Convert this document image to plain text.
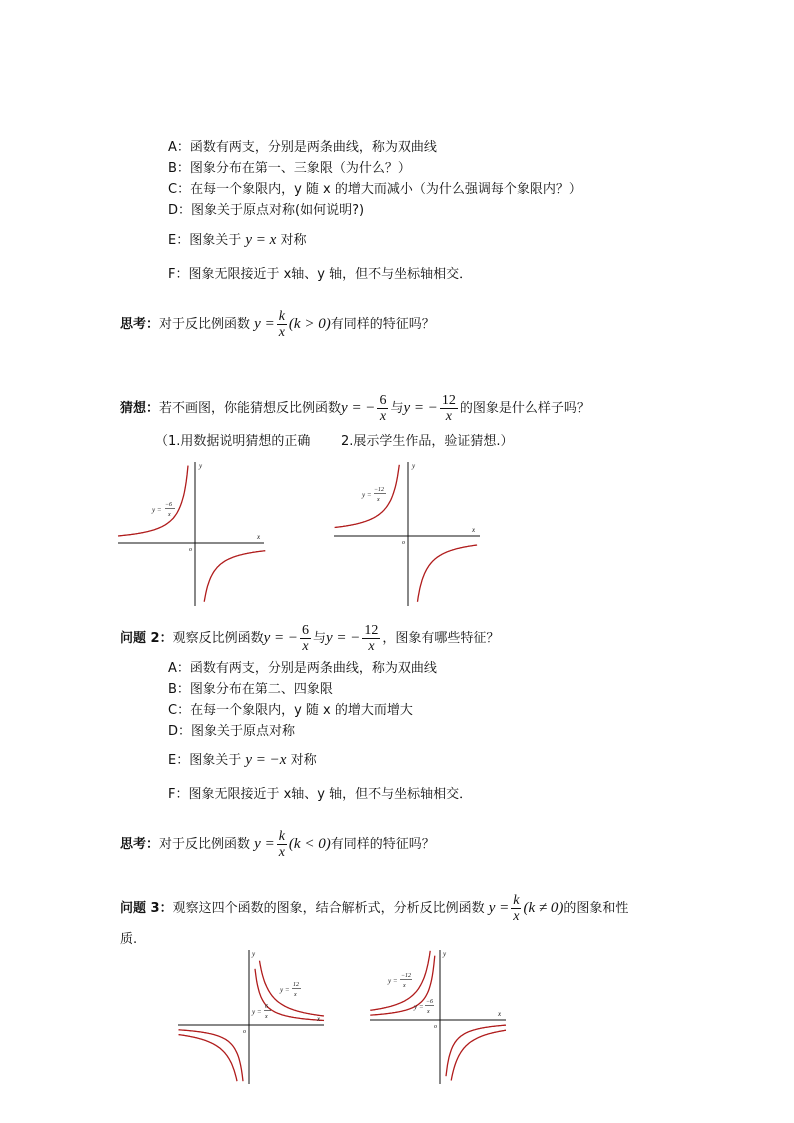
A：函数有两支，分别是两条曲线，称为双曲线
B：图象分布在第一、三象限（为什么？）
C：在每一个象限内，y 随 x 的增大而减小（为什么强调每个象限内？）
D：图象关于原点对称(如何说明?)
E：图象关于 y = x 对称
F：图象无限接近于 x轴、y 轴，但不与坐标轴相交．
思考：对于反比例函数 $y = \frac{k}{x} (k > 0)$有同样的特征吗？
猜想：若不画图，你能猜想反比例函数y = − $\frac{6}{x}$ 与y = − $\frac{12}{x}$ 的图象是什么样子吗？
（1.用数据说明猜想的正确 2.展示学生作品，验证猜想.）
x
y
o
y =
−6
x
x
y
o
y =
−12
x
问题 2：观察反比例函数y = − $\frac{6}{x}$ 与y = − $\frac{12}{x}$ ，图象有哪些特征？
A：函数有两支，分别是两条曲线，称为双曲线
B：图象分布在第二、四象限
C：在每一个象限内，y 随 x 的增大而增大
D：图象关于原点对称
E：图象关于 y = −x 对称
F：图象无限接近于 x轴、y 轴，但不与坐标轴相交．
思考：对于反比例函数 $y = \frac{k}{x} (k < 0)$有同样的特征吗？
问题 3：观察这四个函数的图象，结合解析式，分析反比例函数 $y = \frac{k}{x} (k \ne 0)$的图象和性
质.
x
y
o
y =
12
x
y =
6
x	x
y
o
y =
−12
x
y =
−6
x
